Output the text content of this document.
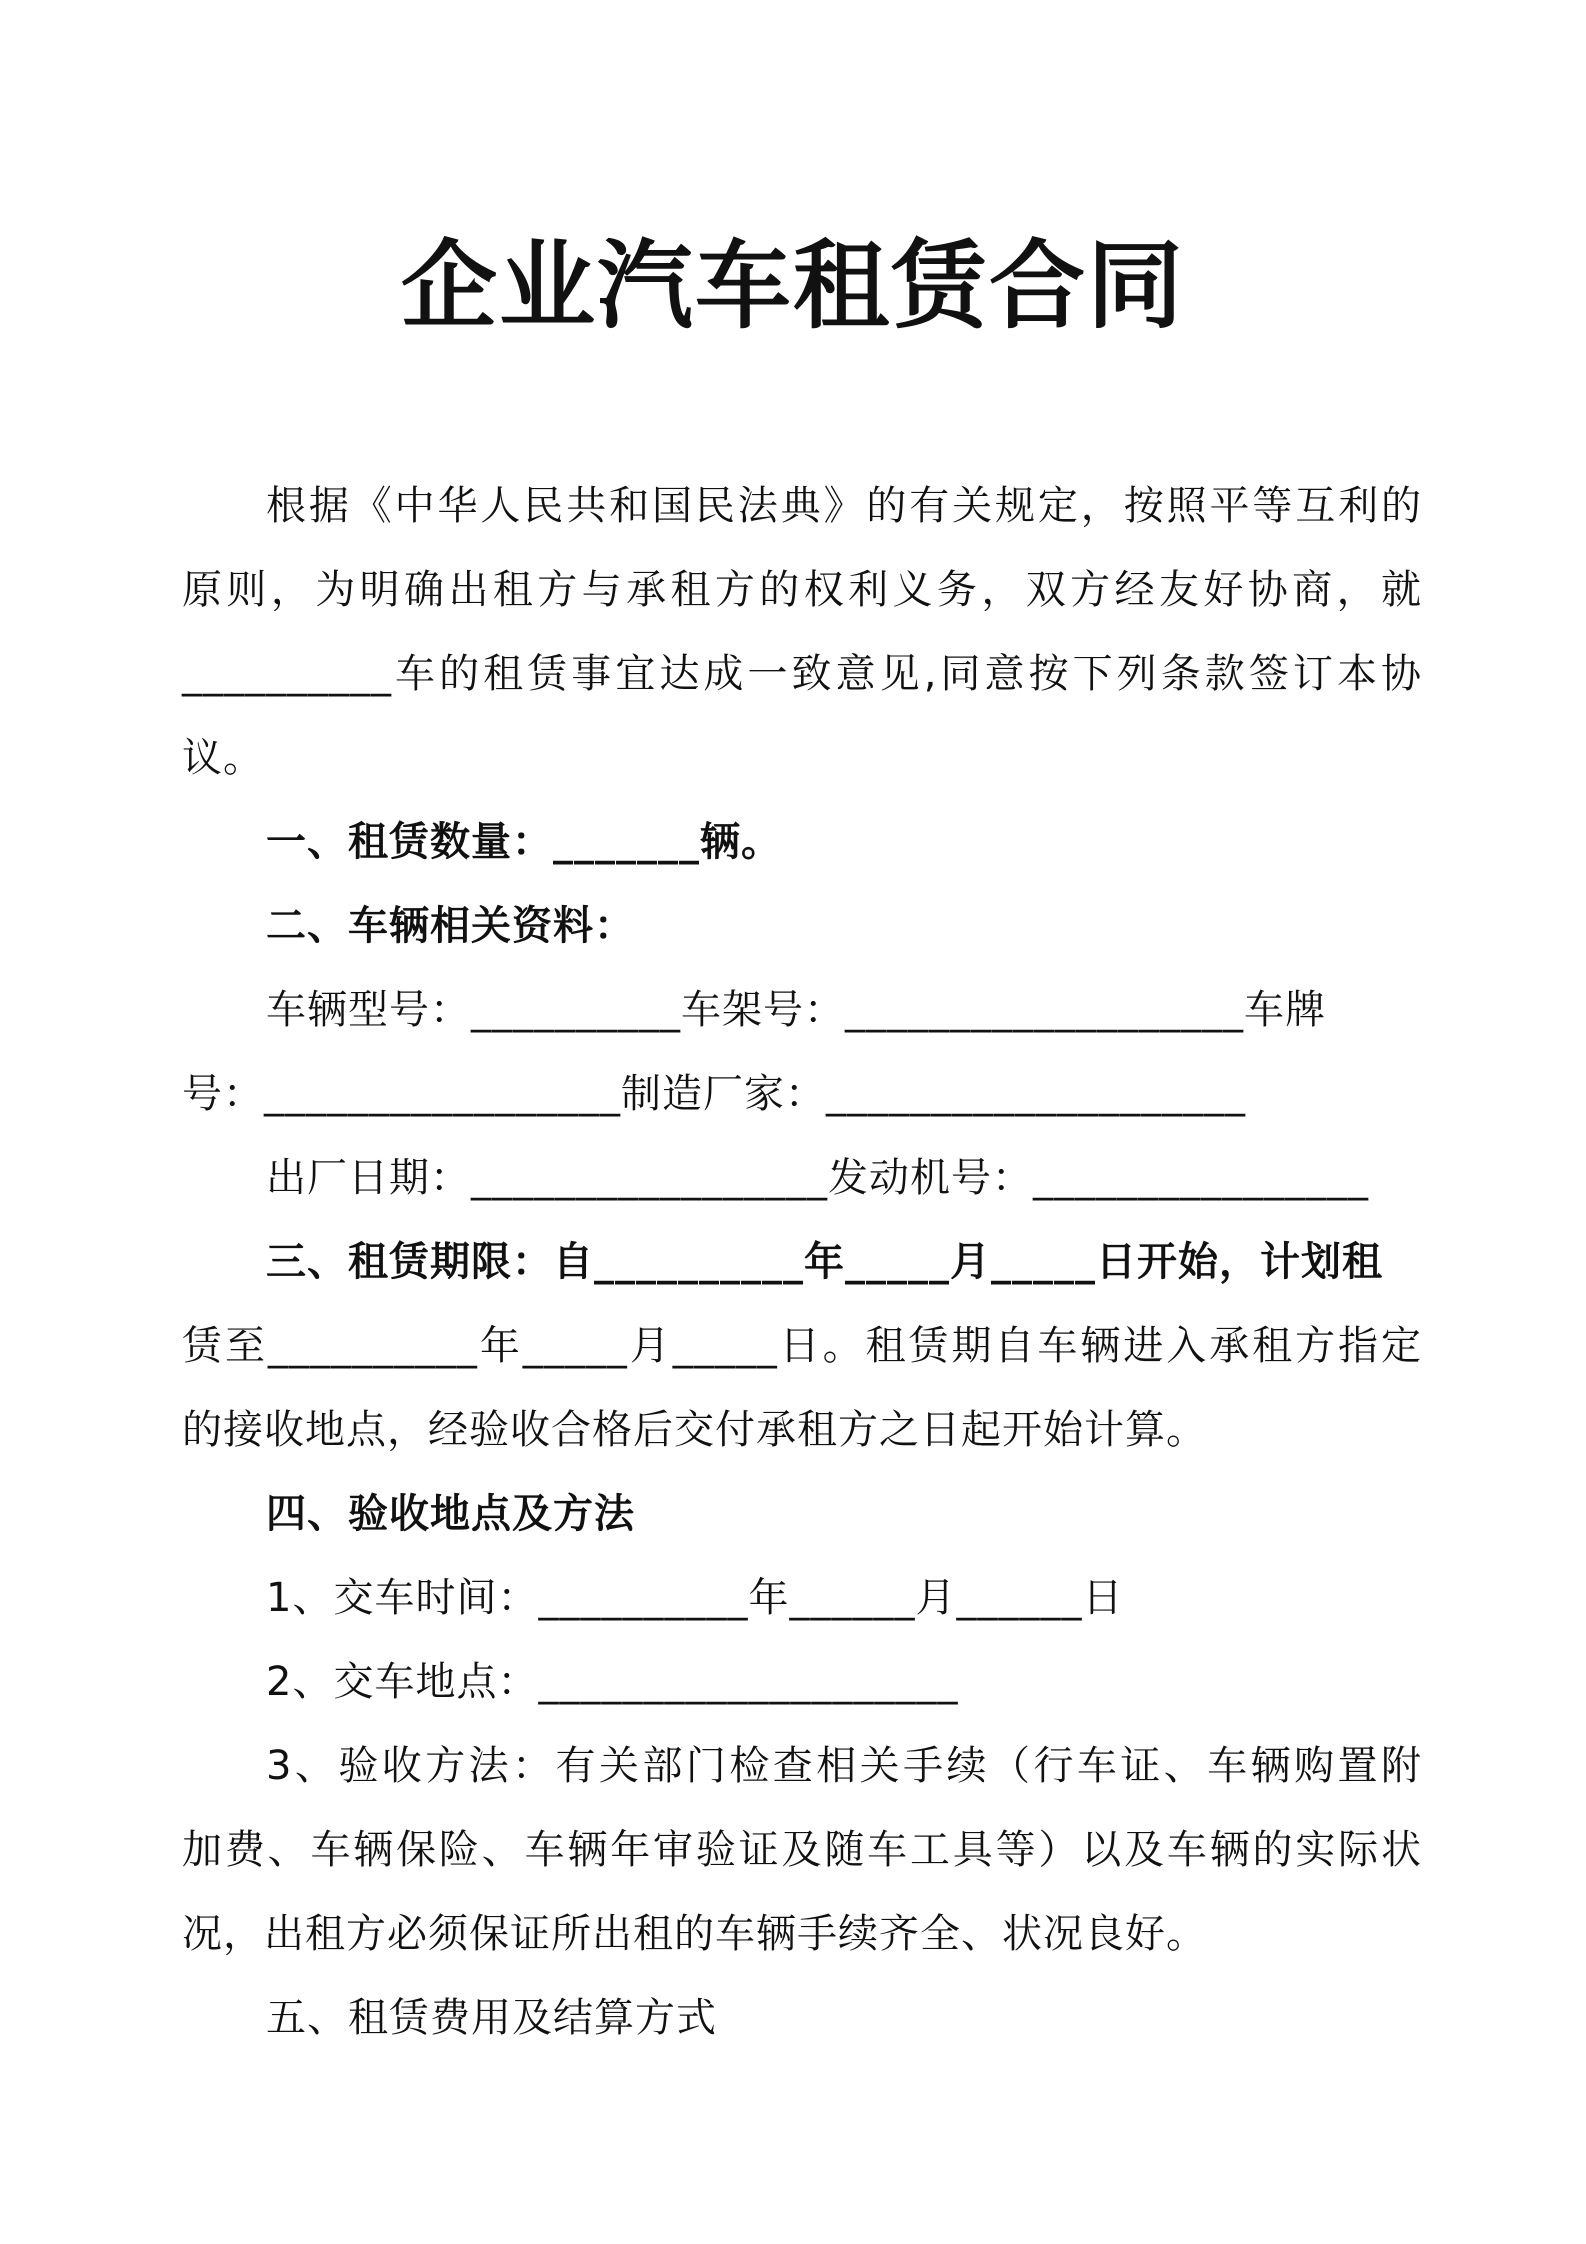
企业汽车租赁合同
根据《中华人民共和国民法典》的有关规定，按照平等互利的
原则，为明确出租方与承租方的权利义务，双方经友好协商，就
__________车的租赁事宜达成一致意见,同意按下列条款签订本协
议。
一、租赁数量：_______辆。
二、车辆相关资料：
车辆型号：__________车架号：___________________车牌
号：_________________制造厂家：____________________
出厂日期：_________________发动机号：________________
三、租赁期限：自__________年_____月_____日开始，计划租
赁至__________年_____月_____日。租赁期自车辆进入承租方指定
的接收地点，经验收合格后交付承租方之日起开始计算。
四、验收地点及方法
1、交车时间：__________年______月______日
2、交车地点：____________________
3、验收方法：有关部门检查相关手续（行车证、车辆购置附
加费、车辆保险、车辆年审验证及随车工具等）以及车辆的实际状
况，出租方必须保证所出租的车辆手续齐全、状况良好。
五、租赁费用及结算方式
